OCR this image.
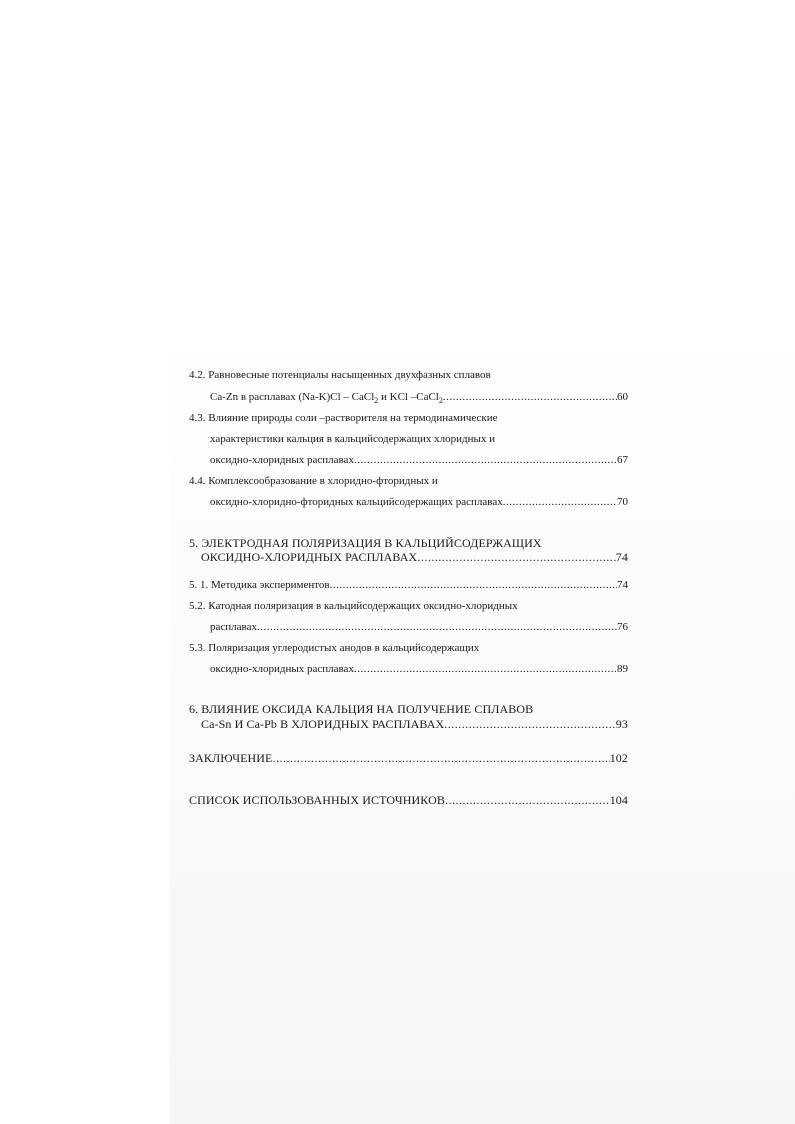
4.2. Равновесные потенциалы насыщенных двухфазных сплавов
Ca-Zn в расплавах (Na-K)Cl – CaCl$_2$ и KCl –CaCl$_2$ .....	60
4.3. Влияние природы соли –растворителя на термодинамические
характеристики кальция в кальцийсодержащих хлоридных и
оксидно-хлоридных расплавах .....	67
4.4. Комплексообразование в хлоридно-фторидных и
оксидно-хлоридно-фторидных кальцийсодержащих расплавах .....	70
5. ЭЛЕКТРОДНАЯ ПОЛЯРИЗАЦИЯ В КАЛЬЦИЙСОДЕРЖАЩИХ
ОКСИДНО-ХЛОРИДНЫХ РАСПЛАВАХ .....	74
5. 1. Методика экспериментов .....	74
5.2. Катодная поляризация в кальцийсодержащих оксидно-хлоридных
расплавах .....	76
5.3. Поляризация углеродистых анодов в кальцийсодержащих
оксидно-хлоридных расплавах .....	89
6. ВЛИЯНИЕ ОКСИДА КАЛЬЦИЯ НА ПОЛУЧЕНИЕ СПЛАВОВ
Ca-Sn И Ca-Pb В ХЛОРИДНЫХ РАСПЛАВАХ .....	93
ЗАКЛЮЧЕНИЕ .....	102
СПИСОК ИСПОЛЬЗОВАННЫХ ИСТОЧНИКОВ .....	104
